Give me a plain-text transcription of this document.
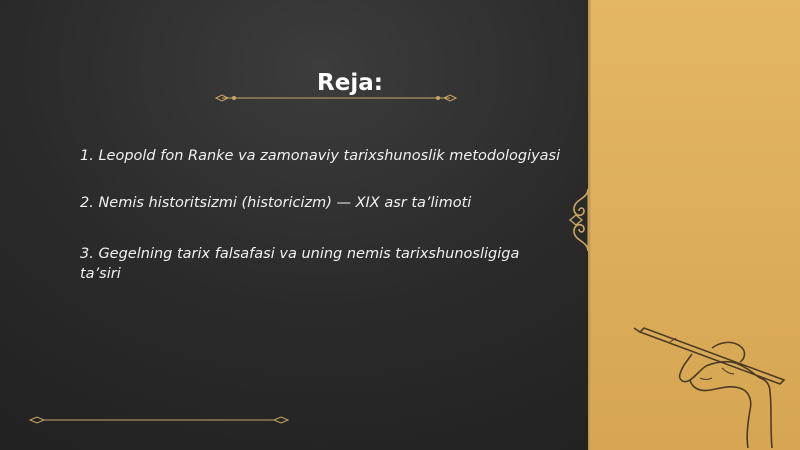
Reja:
1. Leopold fon Ranke va zamonaviy tarixshunoslik metodologiyasi
2. Nemis historitsizmi (historicizm) — XIX asr ta’limoti
3. Gegelning tarix falsafasi va uning nemis tarixshunosligiga ta’siri
